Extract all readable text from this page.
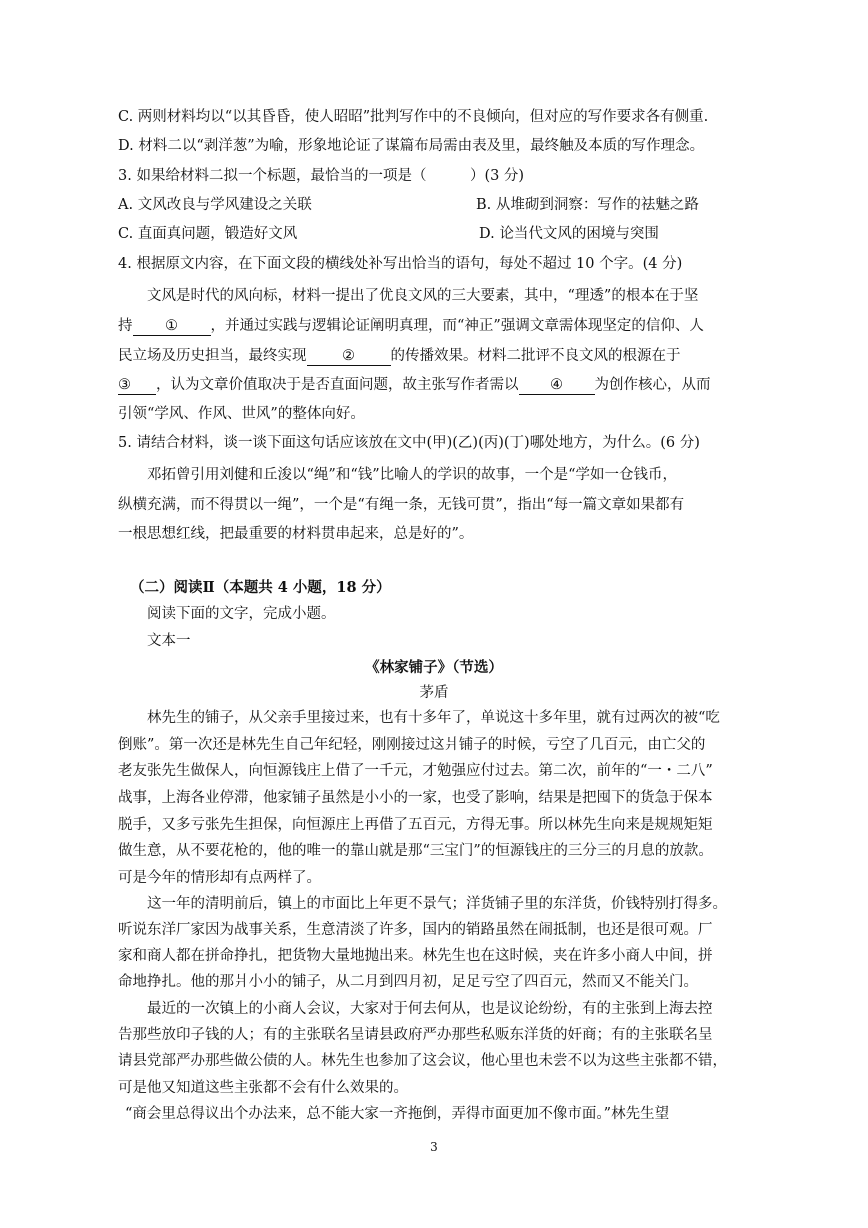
C. 两则材料均以“以其昏昏，使人昭昭”批判写作中的不良倾向，但对应的写作要求各有侧重.
D. 材料二以“剥洋葱”为喻，形象地论证了谋篇布局需由表及里，最终触及本质的写作理念。
3. 如果给材料二拟一个标题，最恰当的一项是（　　　）(3 分)
A. 文风改良与学风建设之关联	B. 从堆砌到洞察：写作的祛魅之路
C. 直面真问题，锻造好文风	D. 论当代文风的困境与突围
4. 根据原文内容，在下面文段的横线处补写出恰当的语句，每处不超过 10 个字。(4 分)
文风是时代的风向标，材料一提出了优良文风的三大要素，其中，“理透”的根本在于坚
持 ① ，并通过实践与逻辑论证阐明真理，而“神正”强调文章需体现坚定的信仰、人
民立场及历史担当，最终实现 ② 的传播效果。材料二批评不良文风的根源在于
③ ，认为文章价值取决于是否直面问题，故主张写作者需以 ④ 为创作核心，从而
引领“学风、作风、世风”的整体向好。
5. 请结合材料，谈一谈下面这句话应该放在文中(甲)(乙)(丙)(丁)哪处地方，为什么。(6 分)
邓拓曾引用刘健和丘浚以“绳”和“钱”比喻人的学识的故事，一个是“学如一仓钱币，
纵横充满，而不得贯以一绳”，一个是“有绳一条，无钱可贯”，指出“每一篇文章如果都有
一根思想红线，把最重要的材料贯串起来，总是好的”。
（二）阅读Ⅱ（本题共 4 小题，18 分）
阅读下面的文字，完成小题。
文本一
《林家铺子》（节选）
茅盾
林先生的铺子，从父亲手里接过来，也有十多年了，单说这十多年里，就有过两次的被“吃
倒账”。第一次还是林先生自己年纪轻，刚刚接过这爿铺子的时候，亏空了几百元，由亡父的
老友张先生做保人，向恒源钱庄上借了一千元，才勉强应付过去。第二次，前年的“一・二八”
战事，上海各业停滞，他家铺子虽然是小小的一家，也受了影响，结果是把囤下的货急于保本
脱手，又多亏张先生担保，向恒源庄上再借了五百元，方得无事。所以林先生向来是规规矩矩
做生意，从不要花枪的，他的唯一的靠山就是那“三宝门”的恒源钱庄的三分三的月息的放款。
可是今年的情形却有点两样了。
这一年的清明前后，镇上的市面比上年更不景气；洋货铺子里的东洋货，价钱特别打得多。
听说东洋厂家因为战事关系，生意清淡了许多，国内的销路虽然在闹抵制，也还是很可观。厂
家和商人都在拼命挣扎，把货物大量地抛出来。林先生也在这时候，夹在许多小商人中间，拼
命地挣扎。他的那爿小小的铺子，从二月到四月初，足足亏空了四百元，然而又不能关门。
最近的一次镇上的小商人会议，大家对于何去何从，也是议论纷纷，有的主张到上海去控
告那些放印子钱的人；有的主张联名呈请县政府严办那些私贩东洋货的奸商；有的主张联名呈
请县党部严办那些做公债的人。林先生也参加了这会议，他心里也未尝不以为这些主张都不错，
可是他又知道这些主张都不会有什么效果的。
“商会里总得议出个办法来，总不能大家一齐拖倒，弄得市面更加不像市面。”林先生望
3
